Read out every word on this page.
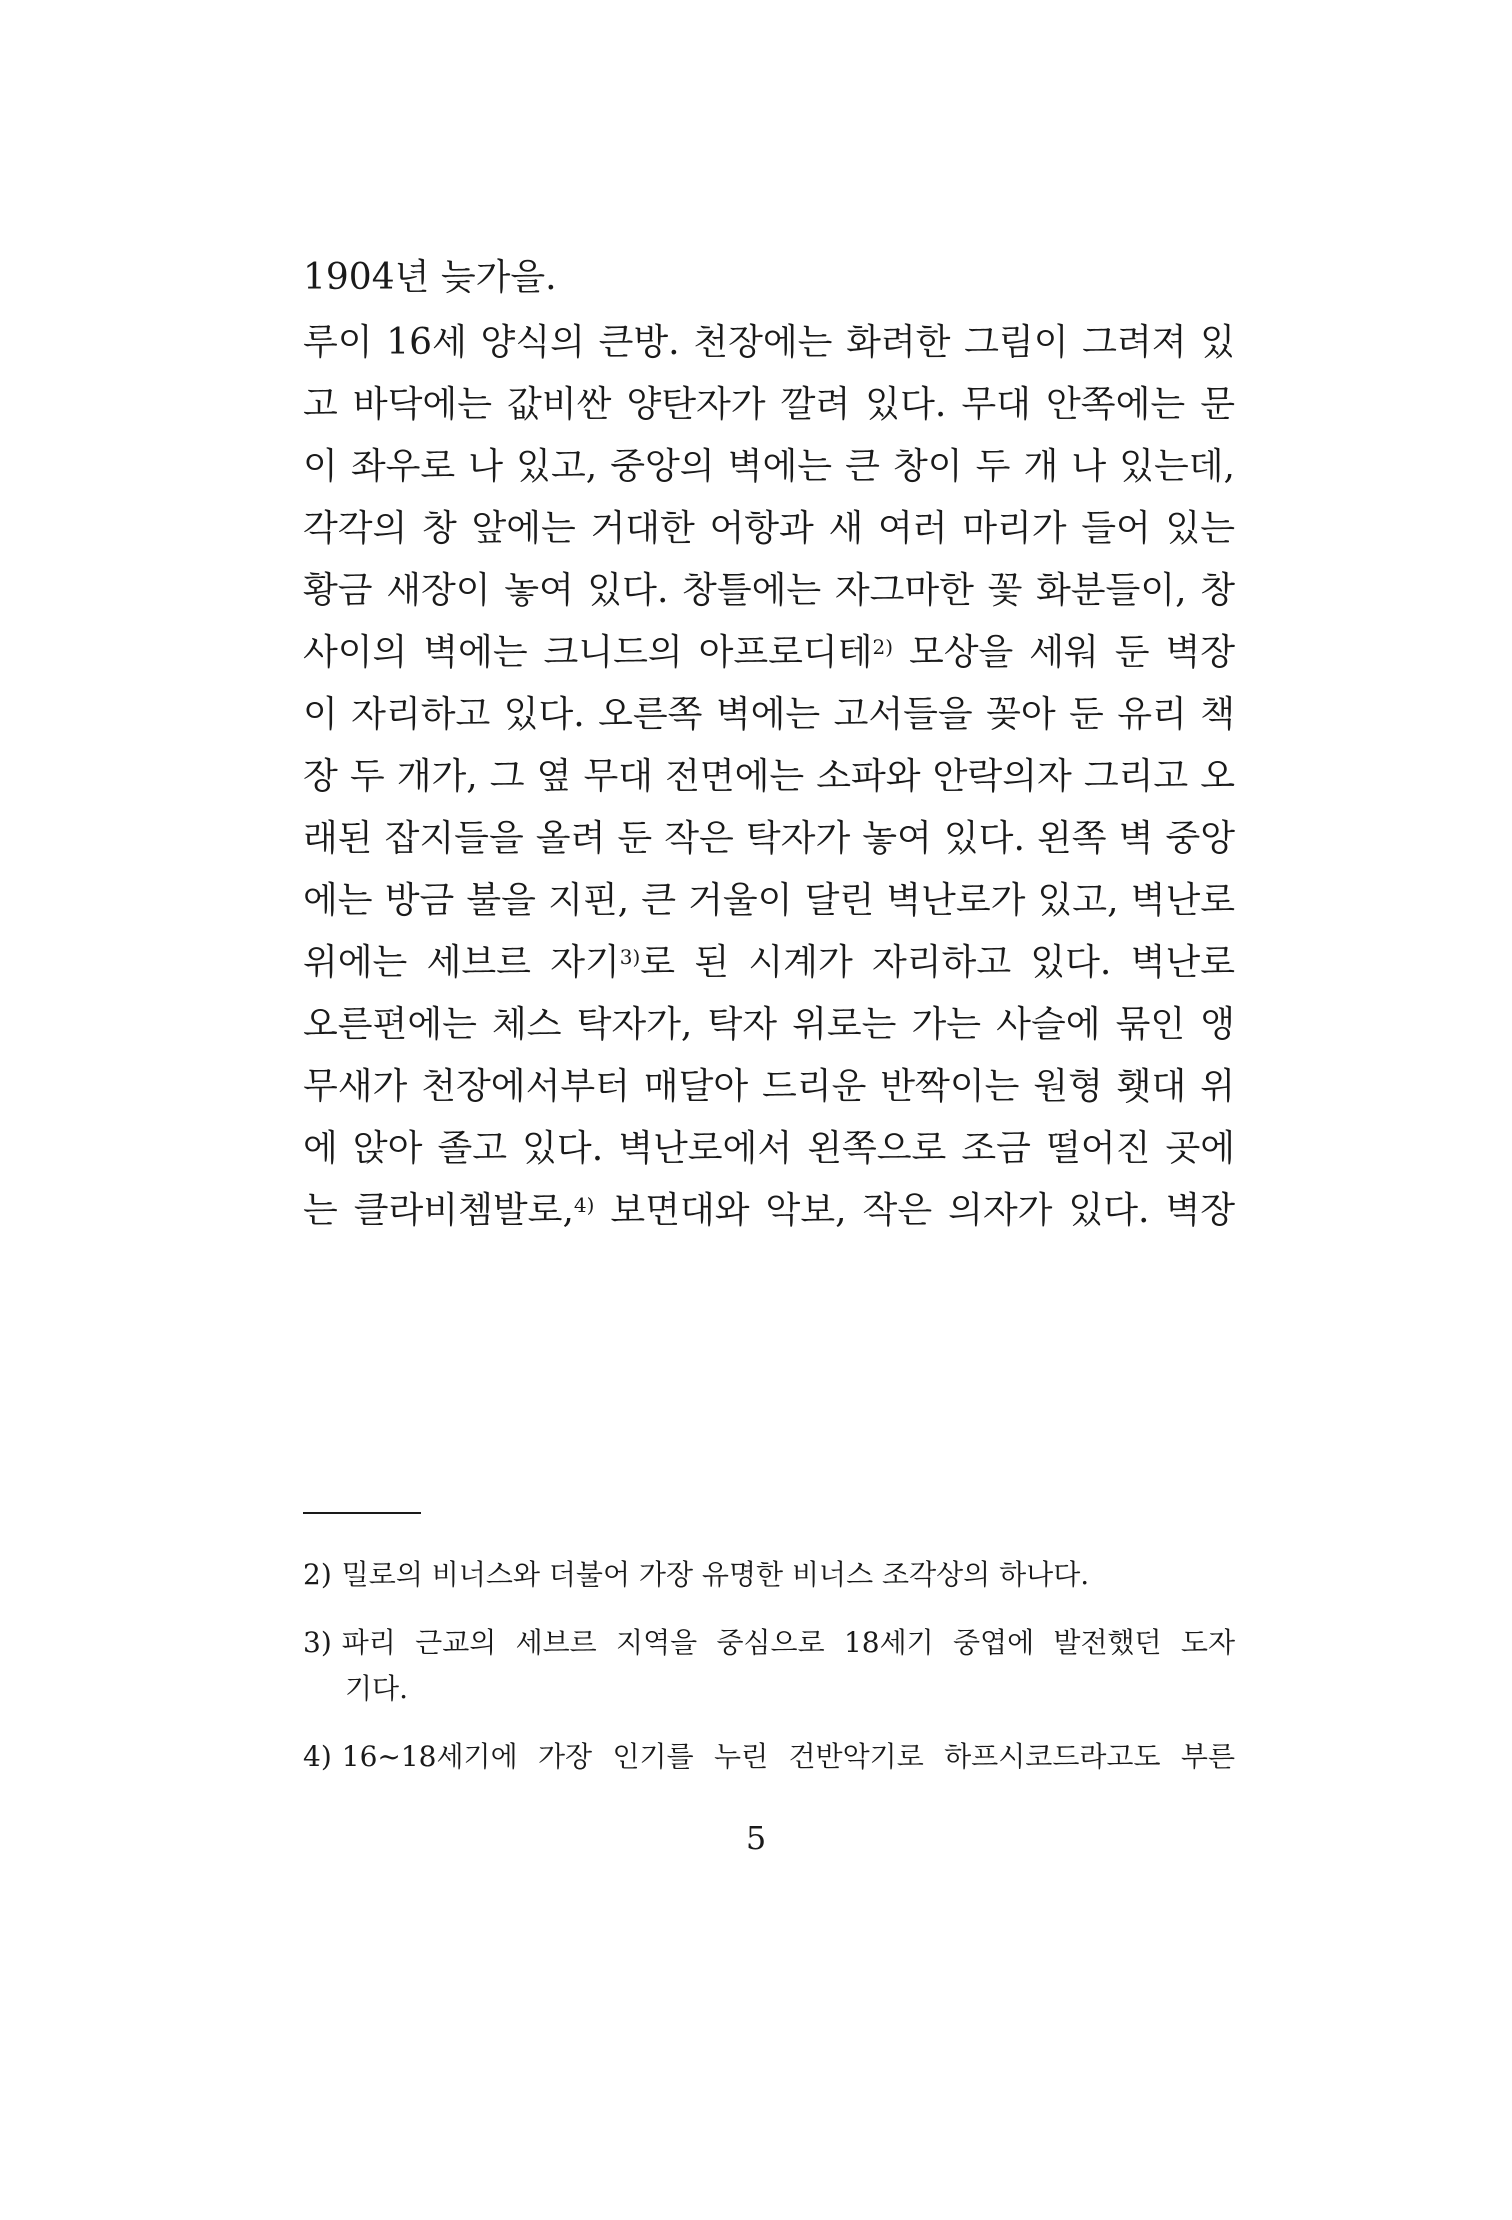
1904년 늦가을.
루이 16세 양식의 큰방. 천장에는 화려한 그림이 그려져 있
고 바닥에는 값비싼 양탄자가 깔려 있다. 무대 안쪽에는 문
이 좌우로 나 있고, 중앙의 벽에는 큰 창이 두 개 나 있는데,
각각의 창 앞에는 거대한 어항과 새 여러 마리가 들어 있는
황금 새장이 놓여 있다. 창틀에는 자그마한 꽃 화분들이, 창
사이의 벽에는 크니드의 아프로디테$^{2)}$ 모상을 세워 둔 벽장
이 자리하고 있다. 오른쪽 벽에는 고서들을 꽂아 둔 유리 책
장 두 개가, 그 옆 무대 전면에는 소파와 안락의자 그리고 오
래된 잡지들을 올려 둔 작은 탁자가 놓여 있다. 왼쪽 벽 중앙
에는 방금 불을 지핀, 큰 거울이 달린 벽난로가 있고, 벽난로
위에는 세브르 자기$^{3)}$로 된 시계가 자리하고 있다. 벽난로
오른편에는 체스 탁자가, 탁자 위로는 가는 사슬에 묶인 앵
무새가 천장에서부터 매달아 드리운 반짝이는 원형 횃대 위
에 앉아 졸고 있다. 벽난로에서 왼쪽으로 조금 떨어진 곳에
는 클라비쳄발로,$^{4)}$ 보면대와 악보, 작은 의자가 있다. 벽장
2) 밀로의 비너스와 더불어 가장 유명한 비너스 조각상의 하나다.
3) 파리 근교의 세브르 지역을 중심으로 18세기 중엽에 발전했던 도자
기다.
4) 16~18세기에 가장 인기를 누린 건반악기로 하프시코드라고도 부른
5
